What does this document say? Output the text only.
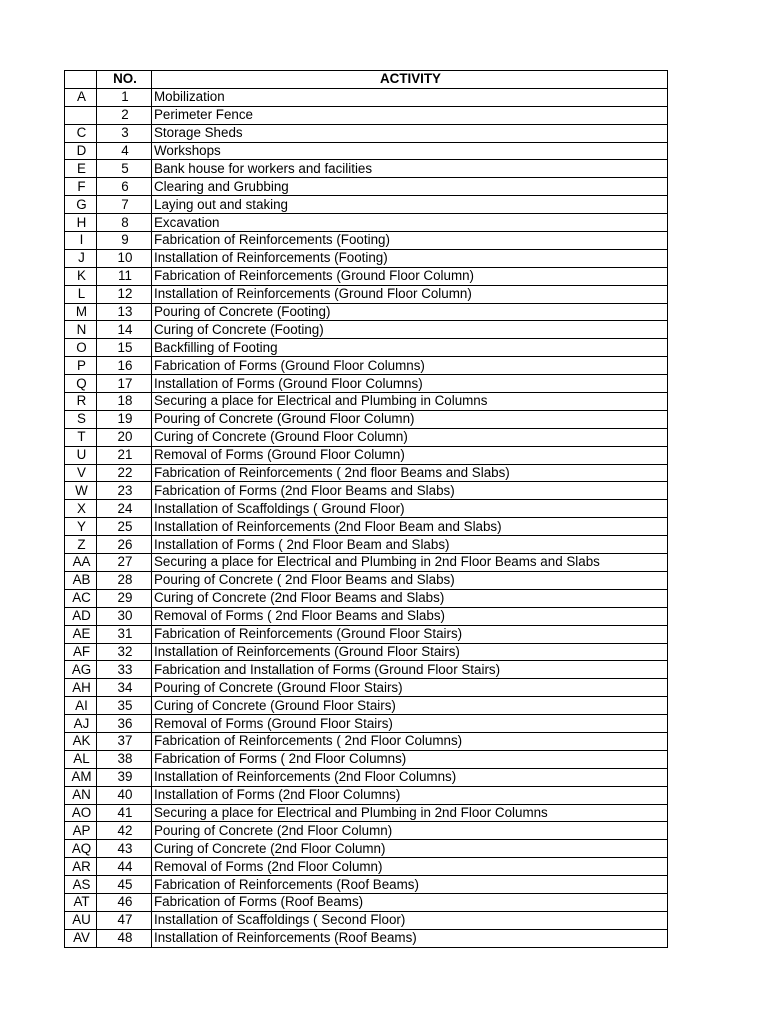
	NO.	ACTIVITY
A	1	Mobilization
	2	Perimeter Fence
C	3	Storage Sheds
D	4	Workshops
E	5	Bank house for workers and facilities
F	6	Clearing and Grubbing
G	7	Laying out and staking
H	8	Excavation
I	9	Fabrication of Reinforcements (Footing)
J	10	Installation of Reinforcements (Footing)
K	11	Fabrication of Reinforcements (Ground Floor Column)
L	12	Installation of Reinforcements (Ground Floor Column)
M	13	Pouring of Concrete (Footing)
N	14	Curing of Concrete (Footing)
O	15	Backfilling of Footing
P	16	Fabrication of Forms (Ground Floor Columns)
Q	17	Installation of Forms (Ground Floor Columns)
R	18	Securing a place for Electrical and Plumbing in Columns
S	19	Pouring of Concrete (Ground Floor Column)
T	20	Curing of Concrete (Ground Floor Column)
U	21	Removal of Forms (Ground Floor Column)
V	22	Fabrication of Reinforcements ( 2nd floor Beams and Slabs)
W	23	Fabrication of Forms (2nd Floor Beams and Slabs)
X	24	Installation of Scaffoldings ( Ground Floor)
Y	25	Installation of Reinforcements (2nd Floor Beam and Slabs)
Z	26	Installation of Forms ( 2nd Floor Beam and Slabs)
AA	27	Securing a place for Electrical and Plumbing in 2nd Floor Beams and Slabs
AB	28	Pouring of Concrete ( 2nd Floor Beams and Slabs)
AC	29	Curing of Concrete (2nd Floor Beams and Slabs)
AD	30	Removal of Forms ( 2nd Floor Beams and Slabs)
AE	31	Fabrication of Reinforcements (Ground Floor Stairs)
AF	32	Installation of Reinforcements (Ground Floor Stairs)
AG	33	Fabrication and Installation of Forms (Ground Floor Stairs)
AH	34	Pouring of Concrete (Ground Floor Stairs)
AI	35	Curing of Concrete (Ground Floor Stairs)
AJ	36	Removal of Forms (Ground Floor Stairs)
AK	37	Fabrication of Reinforcements ( 2nd Floor Columns)
AL	38	Fabrication of Forms ( 2nd Floor Columns)
AM	39	Installation of Reinforcements (2nd Floor Columns)
AN	40	Installation of Forms (2nd Floor Columns)
AO	41	Securing a place for Electrical and Plumbing in 2nd Floor Columns
AP	42	Pouring of Concrete (2nd Floor Column)
AQ	43	Curing of Concrete (2nd Floor Column)
AR	44	Removal of Forms (2nd Floor Column)
AS	45	Fabrication of Reinforcements (Roof Beams)
AT	46	Fabrication of Forms (Roof Beams)
AU	47	Installation of Scaffoldings ( Second Floor)
AV	48	Installation of Reinforcements (Roof Beams)
